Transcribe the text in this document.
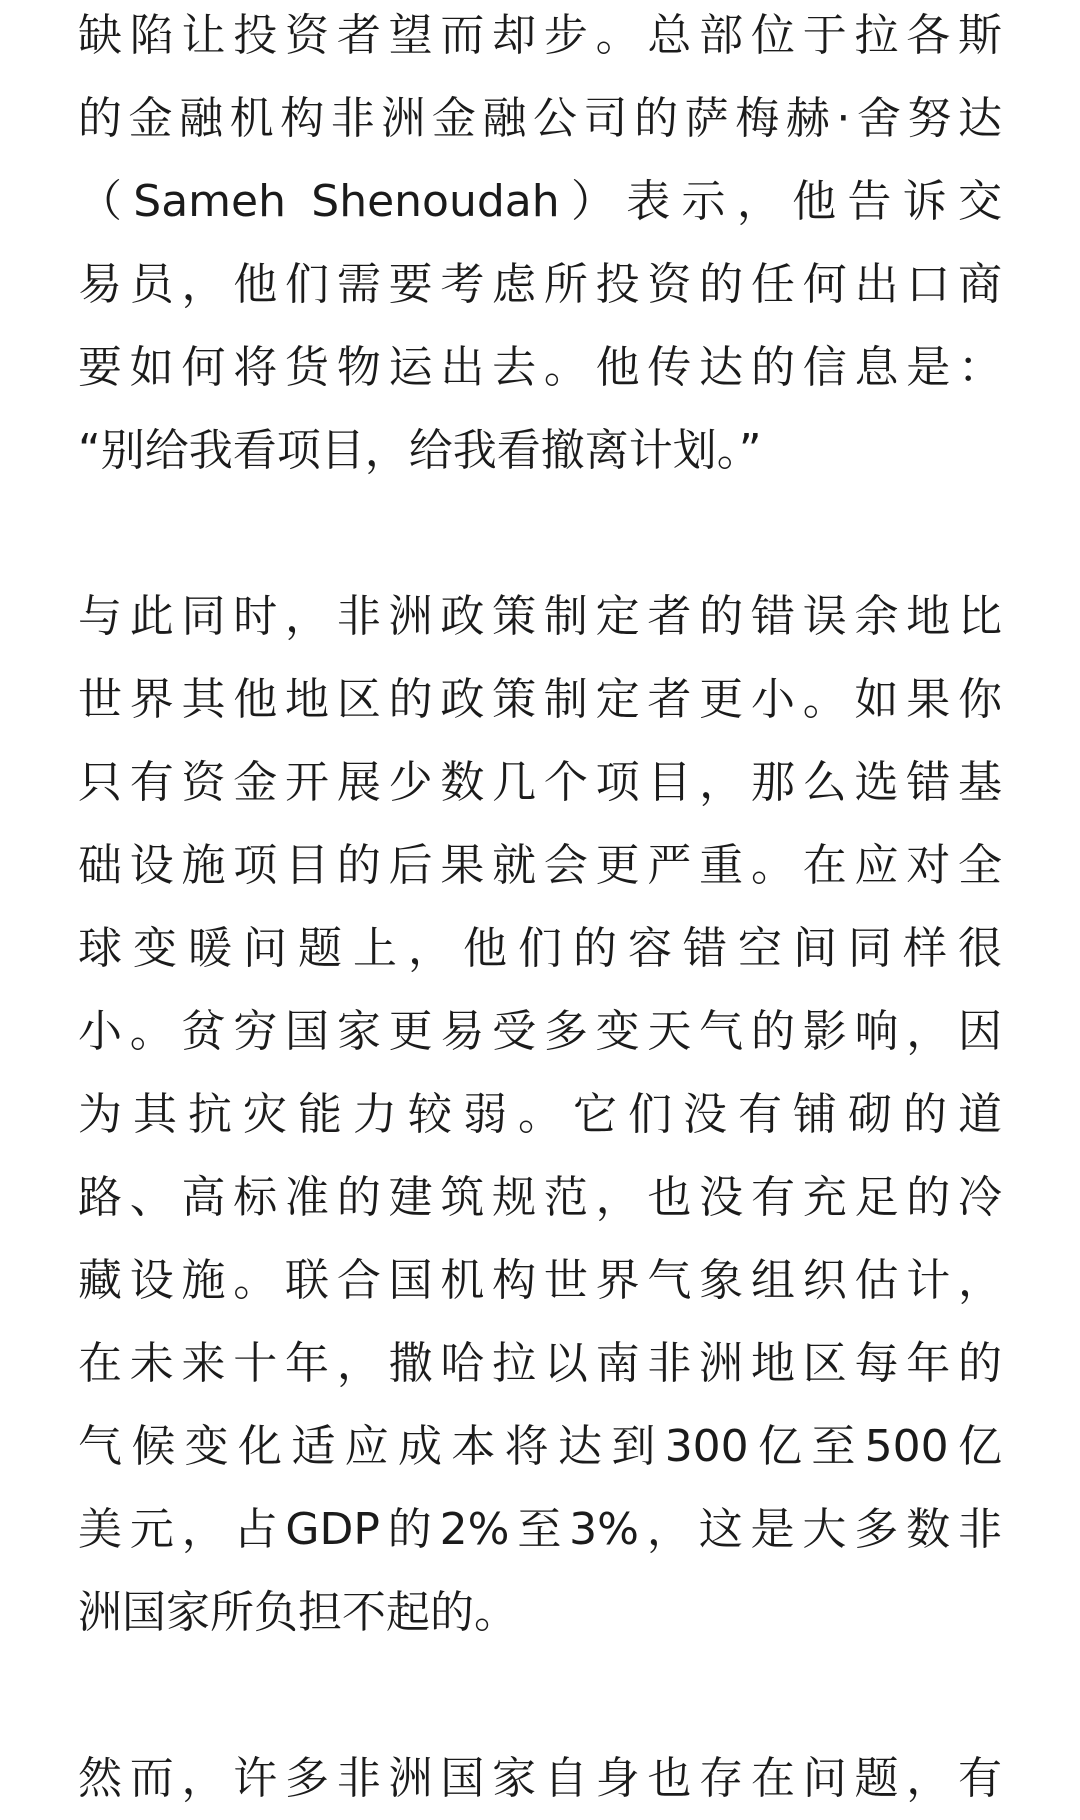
缺陷让投资者望而却步。总部位于拉各斯
的金融机构非洲金融公司的萨梅赫·舍努达
（Sameh Shenoudah）表示，他告诉交
易员，他们需要考虑所投资的任何出口商
要如何将货物运出去。他传达的信息是：
“别给我看项目，给我看撤离计划。”
与此同时，非洲政策制定者的错误余地比
世界其他地区的政策制定者更小。如果你
只有资金开展少数几个项目，那么选错基
础设施项目的后果就会更严重。在应对全
球变暖问题上，他们的容错空间同样很
小。贫穷国家更易受多变天气的影响，因
为其抗灾能力较弱。它们没有铺砌的道
路、高标准的建筑规范，也没有充足的冷
藏设施。联合国机构世界气象组织估计，
在未来十年，撒哈拉以南非洲地区每年的
气候变化适应成本将达到300亿至500亿
美元，占GDP的2%至3%，这是大多数非
洲国家所负担不起的。
然而，许多非洲国家自身也存在问题，有
